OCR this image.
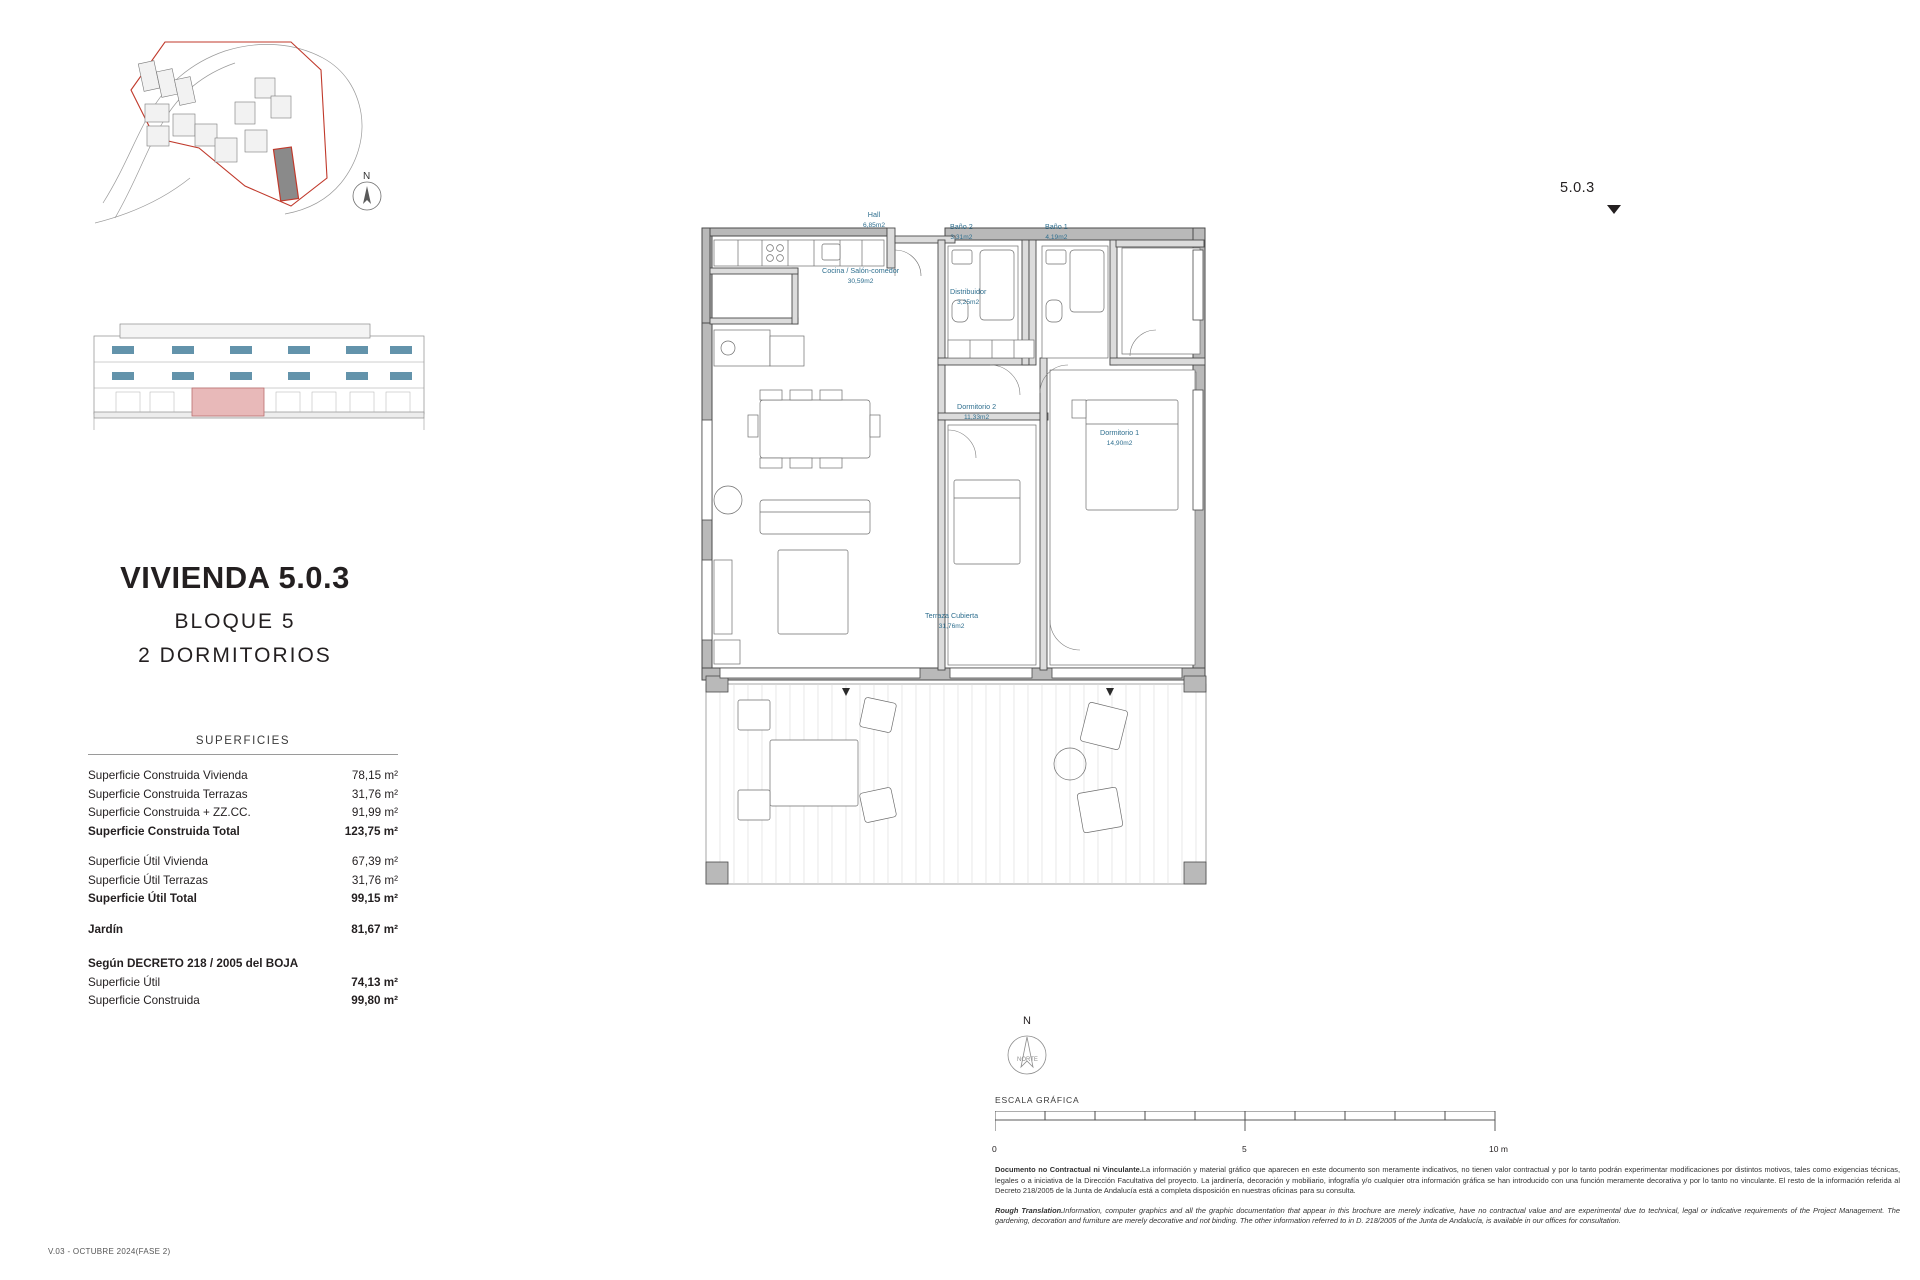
N
VIVIENDA 5.0.3
BLOQUE 5
2 DORMITORIOS
SUPERFICIES
Superficie Construida Vivienda	78,15 m²
Superficie Construida Terrazas	31,76 m²
Superficie Construida + ZZ.CC.	91,99 m²
Superficie Construida Total	123,75 m²
Superficie Útil Vivienda	67,39 m²
Superficie Útil Terrazas	31,76 m²
Superficie Útil Total	99,15 m²
Jardín	81,67 m²
Según DECRETO 218 / 2005 del BOJA
Superficie Útil	74,13 m²
Superficie Construida	99,80 m²
V.03 - OCTUBRE 2024(FASE 2)
5.0.3
Hall
6,85m2	Baño 2
3,31m2
Baño 1
4,19m2
Cocina / Salón-comedor
30,59m2
Distribuidor
3,25m2
Dormitorio 2
11,33m2
Dormitorio 1
14,90m2
Terraza Cubierta
31,76m2
N
NORTE
ESCALA GRÁFICA
0	5	10 m
Documento no Contractual ni Vinculante.La información y material gráfico que aparecen en este documento son meramente indicativos, no tienen valor contractual y por lo tanto podrán experimentar modificaciones por distintos motivos, tales como exigencias técnicas, legales o a iniciativa de la Dirección Facultativa del proyecto. La jardinería, decoración y mobiliario, infografía y/o cualquier otra información gráfica se han introducido con una función meramente decorativa y por lo tanto no vinculante. El resto de la información referida al Decreto 218/2005 de la Junta de Andalucía está a completa disposición en nuestras oficinas para su consulta.
Rough Translation.Information, computer graphics and all the graphic documentation that appear in this brochure are merely indicative, have no contractual value and are experimental due to technical, legal or indicative requirements of the Project Management. The gardening, decoration and furniture are merely decorative and not binding. The other information referred to in D. 218/2005 of the Junta de Andalucía, is available in our offices for consultation.
